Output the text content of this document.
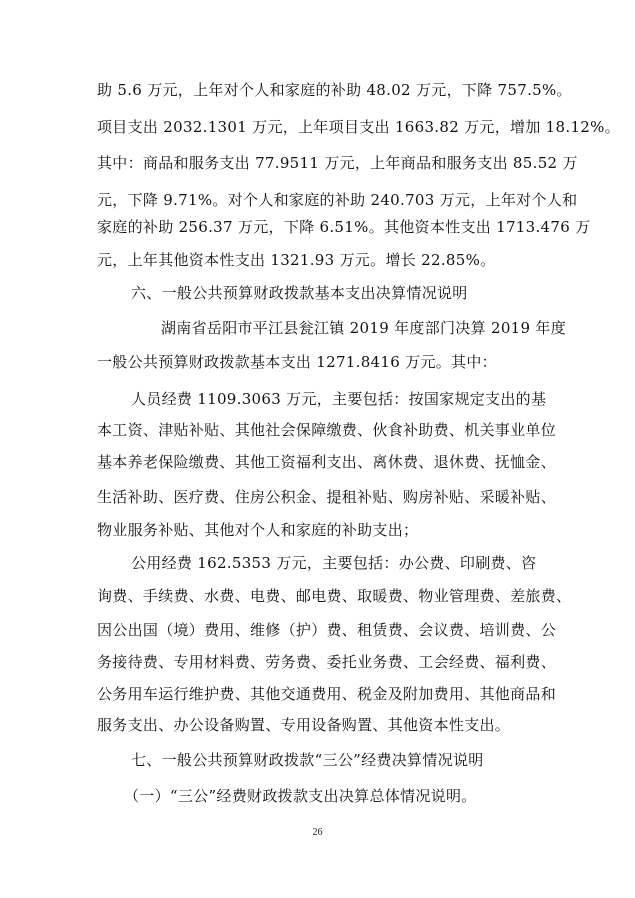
助 5.6 万元，上年对个人和家庭的补助 48.02 万元，下降 757.5%。
项目支出 2032.1301 万元，上年项目支出 1663.82 万元，增加 18.12%。
其中：商品和服务支出 77.9511 万元，上年商品和服务支出 85.52 万
元，下降 9.71%。对个人和家庭的补助 240.703 万元，上年对个人和
家庭的补助 256.37 万元，下降 6.51%。其他资本性支出 1713.476 万
元，上年其他资本性支出 1321.93 万元。增长 22.85%。
六、一般公共预算财政拨款基本支出决算情况说明
湖南省岳阳市平江县瓮江镇 2019 年度部门决算 2019 年度
一般公共预算财政拨款基本支出 1271.8416 万元。其中：
人员经费 1109.3063 万元，主要包括：按国家规定支出的基
本工资、津贴补贴、其他社会保障缴费、伙食补助费、机关事业单位
基本养老保险缴费、其他工资福利支出、离休费、退休费、抚恤金、
生活补助、医疗费、住房公积金、提租补贴、购房补贴、采暖补贴、
物业服务补贴、其他对个人和家庭的补助支出；
公用经费 162.5353 万元，主要包括：办公费、印刷费、咨
询费、手续费、水费、电费、邮电费、取暖费、物业管理费、差旅费、
因公出国（境）费用、维修（护）费、租赁费、会议费、培训费、公
务接待费、专用材料费、劳务费、委托业务费、工会经费、福利费、
公务用车运行维护费、其他交通费用、税金及附加费用、其他商品和
服务支出、办公设备购置、专用设备购置、其他资本性支出。
七、一般公共预算财政拨款“三公”经费决算情况说明
（一）“三公”经费财政拨款支出决算总体情况说明。
26
